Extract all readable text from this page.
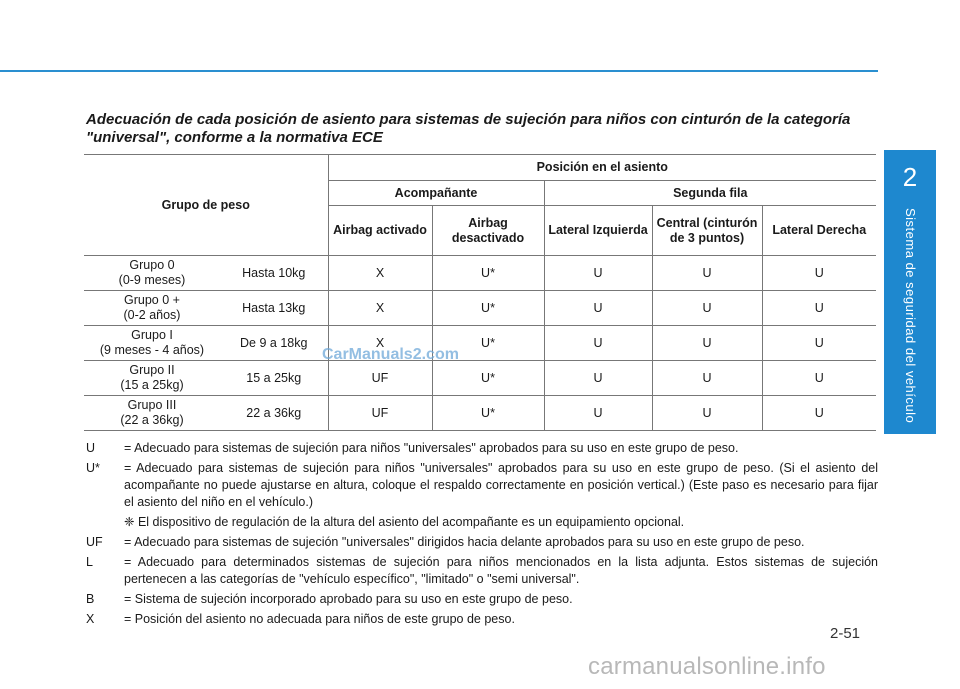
2
Sistema de seguridad del vehículo
Adecuación de cada posición de asiento para sistemas de sujeción para niños con cinturón de la categoría "universal", conforme a la normativa ECE
Grupo de peso		Posición en el asiento				
		Acompañante		Segunda fila		
		Airbag activado	Airbag desactivado	Lateral Izquierda	Central (cinturón de 3 puntos)	Lateral Derecha

Grupo 0
(0-9 meses)	Hasta 10kg	X	U*	U	U	U

Grupo 0 +
(0-2 años)	Hasta 13kg	X	U*	U	U	U

Grupo I
(9 meses - 4 años)	De 9 a 18kg	X	U*	U	U	U

Grupo II
(15 a 25kg)	15 a 25kg	UF	U*	U	U	U

Grupo III
(22 a 36kg)	22 a 36kg	UF	U*	U	U	U
CarManuals2.com
U	= Adecuado para sistemas de sujeción para niños "universales" aprobados para su uso en este grupo de peso.
U*	= Adecuado para sistemas de sujeción para niños "universales" aprobados para su uso en este grupo de peso. (Si el asiento del acompañante no puede ajustarse en altura, coloque el respaldo correctamente en posición vertical.) (Este paso es necesario para fijar el asiento del niño en el vehículo.)
❈ El dispositivo de regulación de la altura del asiento del acompañante es un equipamiento opcional.
UF	= Adecuado para sistemas de sujeción "universales" dirigidos hacia delante aprobados para su uso en este grupo de peso.
L	= Adecuado para determinados sistemas de sujeción para niños mencionados en la lista adjunta. Estos sistemas de sujeción pertenecen a las categorías de "vehículo específico", "limitado" o "semi universal".
B	= Sistema de sujeción incorporado aprobado para su uso en este grupo de peso.
X	= Posición del asiento no adecuada para niños de este grupo de peso.
2-51
carmanualsonline.info
